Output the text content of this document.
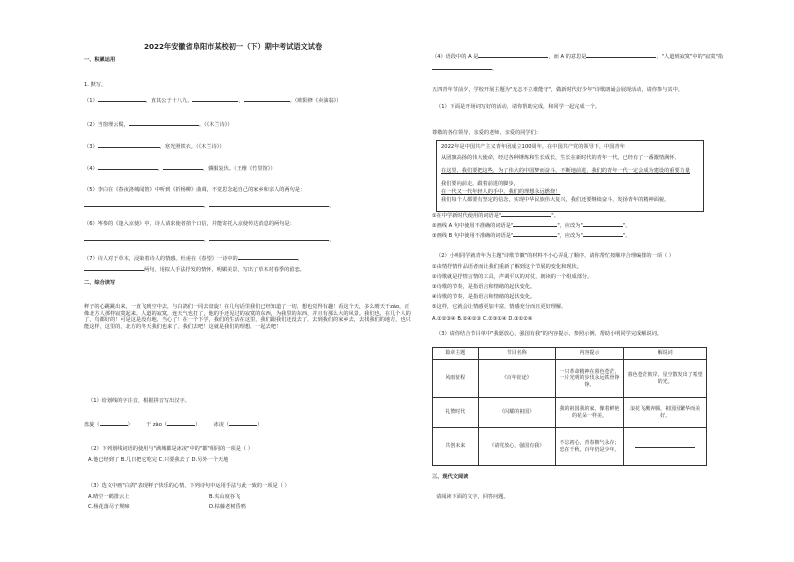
2022年安徽省阜阳市某校初一（下）期中考试语文试卷
一、积累运用
1. 默写。
（1）	，直其公于十八九。	，	。（欧阳修《卖油翁》）
（2）当窗理云鬓，	。（《木兰诗》）
（3）	，寒光照铁衣。（《木兰诗》）
（4）	，	，骥服复伏。（王维《竹里馆》）
（5）李白在《春夜洛城闻笛》中听到《折杨柳》曲调，不觉思念起自己的家乡和亲人的两句是：
，	。
（6）岑参的《逢入京使》中，诗人请求使者捎个口信，并能寄托入京使传达消息的两句是：
，	。
（7）诗人对于草木，浸染着诗人的情感。杜甫在《春望》一诗中的	，
两句，用拟人手法抒发的情怀，明媚美景，写出了草木对春季的留恋。
二、综合读写
秤子的心跳跳出来，一直飞到空中去，与白鸽们一同去盘旋！在几句话里我们已经知道了一切，想也觉得有趣！看这个天，多么晴天干zào，正像北方人那样寂寞起来。人道的寂寞，连天气也打了，他的手还见过的寂寞的东西，为我里的东西，并且有那么大的风景。我们也，在几个人的了，鸟都好的！可是这是没有地，当心了！在一个下学，我们的生活在这里，我们跟我们还没去了，去到我们的家乡去，去找我们的地方，也只能这样，这里的，北方的冬天我们也来了，我们去吧！这就是我们的理想，一起去吧！
（1）给划线的字注音，根据拼音写出汉字。
盘旋（	）	干 zào（	）	冰凌（	）
（2）下列划线词语的使用与"满城都是冰凌"中的"都"相同的一项是（ ）
A.他已经到了 B.几日把它吃完 C.只要我去了 D.另外一个天地
（3）选文中画"白鸽"表现秤子快乐的心情，下列诗句中运用手法与此一致的一项是（ ）
A.晴空一鹤排云上	B.夹山度谷飞
C.杨花落尽子规啼	D.枯藤老树昏鸦
（4）语段中的 A 是	，而 A 的意思是	，"人道到寂寞"中的"寂寞"指
。
五四青年节前夕，学校开展主题为"无志不立谁能守"，做新时代好少年"诗歌朗诵会展现活动，请你参与其中。
（1）下面是开场词写好的活动，请你帮助完成，和同学一起完成一个。
尊敬的各位领导，亲爱的老师，亲爱的同学们：
2022年是中国共产主义青年团成立100周年。在中国共产党的领导下，中国青年
从团旗高扬的伟大使命，经过各种锤炼和生长成长，生长在新时代的青年一代，已经有了一番激情满怀、
在这里，我们要把这些，为了伟大的中国梦而奋斗，不断地前进，我们的青年一代一定会成为建设的重要力量
我们要向前走，跟着前进的脚步，
在一代又一代年轻人的手中，我们的理想永远燃烧！
我们每个人都要有坚定的信念，实现中华民族伟大复兴，我们还要继续奋斗，发扬青年的精神面貌。
①在中学新时代使用的词语是"	"。
②画线 A 句中使用不准确的词语是"	"，应改为"	"。
③画线 B 句中使用不准确的词语是"	"，应改为"	"。
（2）小明同学就青年为主题"诗歌节徽"的材料不小心弄乱了顺序，请你帮忙按顺序合理编排的一项（ ）
①由情抒情作品语者而让我们重新了解到这个节展的变化和现状。
②诗歌就是抒情言情的工具，声调平仄的对仗，朗读的一个组成部分。
③诗歌的节奏，是指语言和情绪的起伏变化。
④诗歌的节奏，是指语言和情绪的起伏变化。
⑤这样，它就会让情感更加丰富，情感充分而且更好理解。
A.①②③④ B.②④①③ C.②③①④ D.③①②④
（3）请你结合节目单中"我愿放心，强国有我"的内容提示，参照示例，帮助小明同学完成解说词。
篇章主题	节目名称	内容提示	解说词
风雨征程	《百年征途》	一只革命精神在暮色苍茫，一片光明的步伐永远铁骨铮铮。	暮色苍茫彼岸，星空散发出了希望的光。
礼赞时代	《闪耀的祖国》	我的祖国我的家，像着鲜艳的花朵一样美。	浪花飞溅奔腾，祖国因繁华而美好。
共创未来	《请党放心，强国有我》	不忘初心，青春朝气永存；忠在千秋，百年仍是少年。	
三、现代文阅读
请阅读下面的文字，回答问题。
